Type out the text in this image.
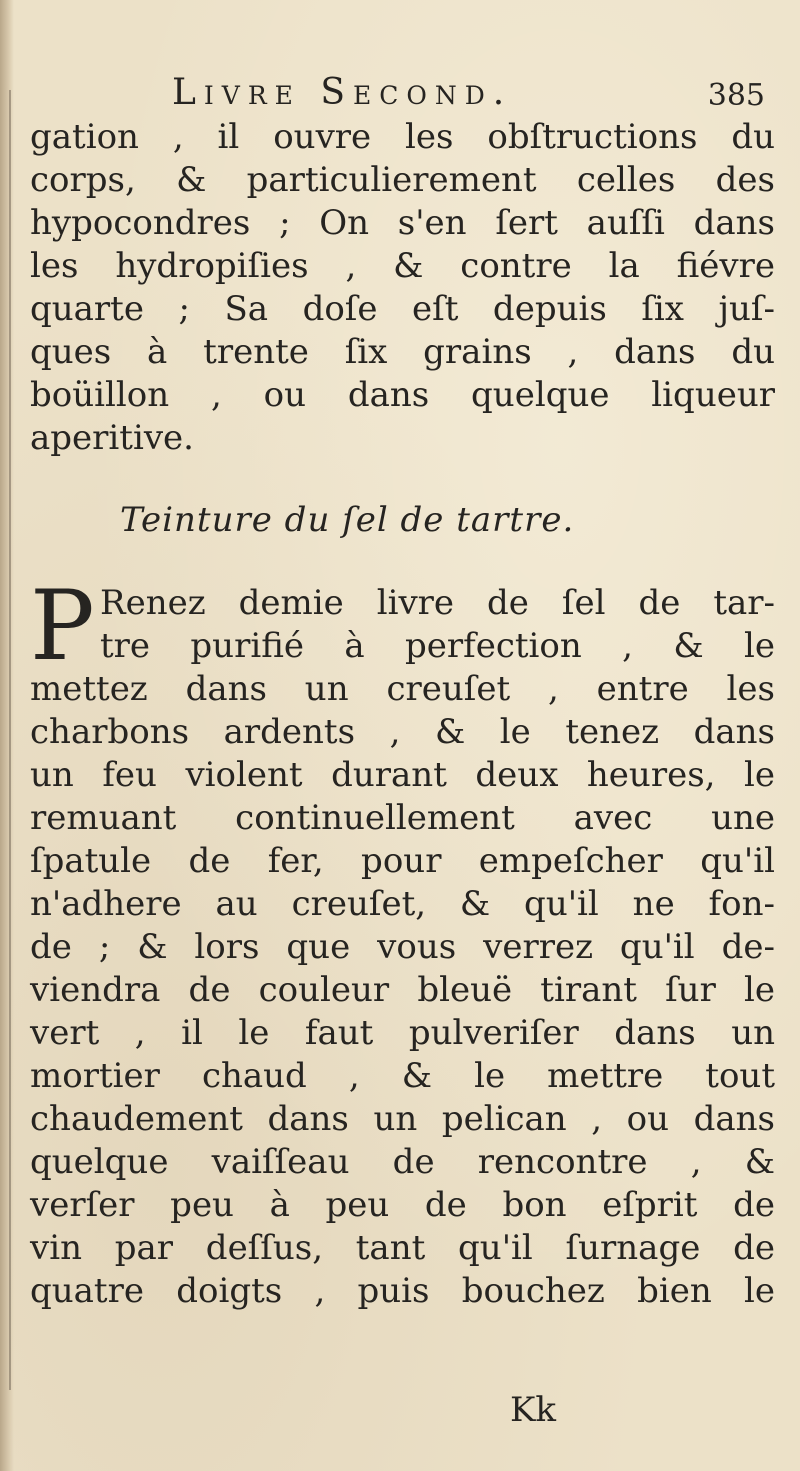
Livre Second.	385
gation , il ouvre les obſtructions du
corps, & particulierement celles des
hypocondres ; On s'en ſert auſſi dans
les hydropiſies , & contre la fiévre
quarte ; Sa doſe eſt depuis ſix juſ-
ques à trente ſix grains , dans du
boüillon , ou dans quelque liqueur
aperitive.
Teinture du ſel de tartre.
P Renez demie livre de ſel de tar-
tre purifié à perfection , & le
mettez dans un creuſet , entre les
charbons ardents , & le tenez dans
un feu violent durant deux heures, le
remuant continuellement avec une
ſpatule de fer, pour empeſcher qu'il
n'adhere au creuſet, & qu'il ne fon-
de ; & lors que vous verrez qu'il de-
viendra de couleur bleuë tirant ſur le
vert , il le faut pulveriſer dans un
mortier chaud , & le mettre tout
chaudement dans un pelican , ou dans
quelque vaiſſeau de rencontre , &
verſer peu à peu de bon eſprit de
vin par deſſus, tant qu'il ſurnage de
quatre doigts , puis bouchez bien le
Kk
